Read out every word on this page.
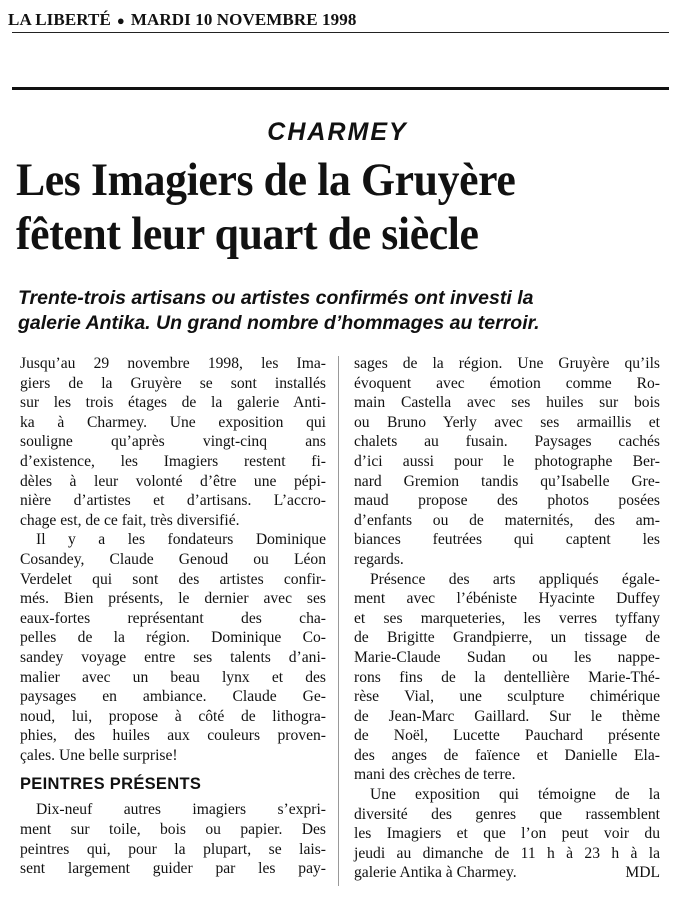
LA LIBERTÉ ● MARDI 10 NOVEMBRE 1998
CHARMEY
Les Imagiers de la Gruyère
fêtent leur quart de siècle
Trente-trois artisans ou artistes confirmés ont investi la
galerie Antika. Un grand nombre d’hommages au terroir.
Jusqu’au 29 novembre 1998, les Ima-
giers de la Gruyère se sont installés
sur les trois étages de la galerie Anti-
ka à Charmey. Une exposition qui
souligne qu’après vingt-cinq ans
d’existence, les Imagiers restent fi-
dèles à leur volonté d’être une pépi-
nière d’artistes et d’artisans. L’accro-
chage est, de ce fait, très diversifié.
Il y a les fondateurs Dominique
Cosandey, Claude Genoud ou Léon
Verdelet qui sont des artistes confir-
més. Bien présents, le dernier avec ses
eaux-fortes représentant des cha-
pelles de la région. Dominique Co-
sandey voyage entre ses talents d’ani-
malier avec un beau lynx et des
paysages en ambiance. Claude Ge-
noud, lui, propose à côté de lithogra-
phies, des huiles aux couleurs proven-
çales. Une belle surprise!
PEINTRES PRÉSENTS
Dix-neuf autres imagiers s’expri-
ment sur toile, bois ou papier. Des
peintres qui, pour la plupart, se lais-
sent largement guider par les pay-
sages de la région. Une Gruyère qu’ils
évoquent avec émotion comme Ro-
main Castella avec ses huiles sur bois
ou Bruno Yerly avec ses armaillis et
chalets au fusain. Paysages cachés
d’ici aussi pour le photographe Ber-
nard Gremion tandis qu’Isabelle Gre-
maud propose des photos posées
d’enfants ou de maternités, des am-
biances feutrées qui captent les
regards.
Présence des arts appliqués égale-
ment avec l’ébéniste Hyacinte Duffey
et ses marqueteries, les verres tyffany
de Brigitte Grandpierre, un tissage de
Marie-Claude Sudan ou les nappe-
rons fins de la dentellière Marie-Thé-
rèse Vial, une sculpture chimérique
de Jean-Marc Gaillard. Sur le thème
de Noël, Lucette Pauchard présente
des anges de faïence et Danielle Ela-
mani des crèches de terre.
Une exposition qui témoigne de la
diversité des genres que rassemblent
les Imagiers et que l’on peut voir du
jeudi au dimanche de 11 h à 23 h à la
galerie Antika à Charmey.	MDL
